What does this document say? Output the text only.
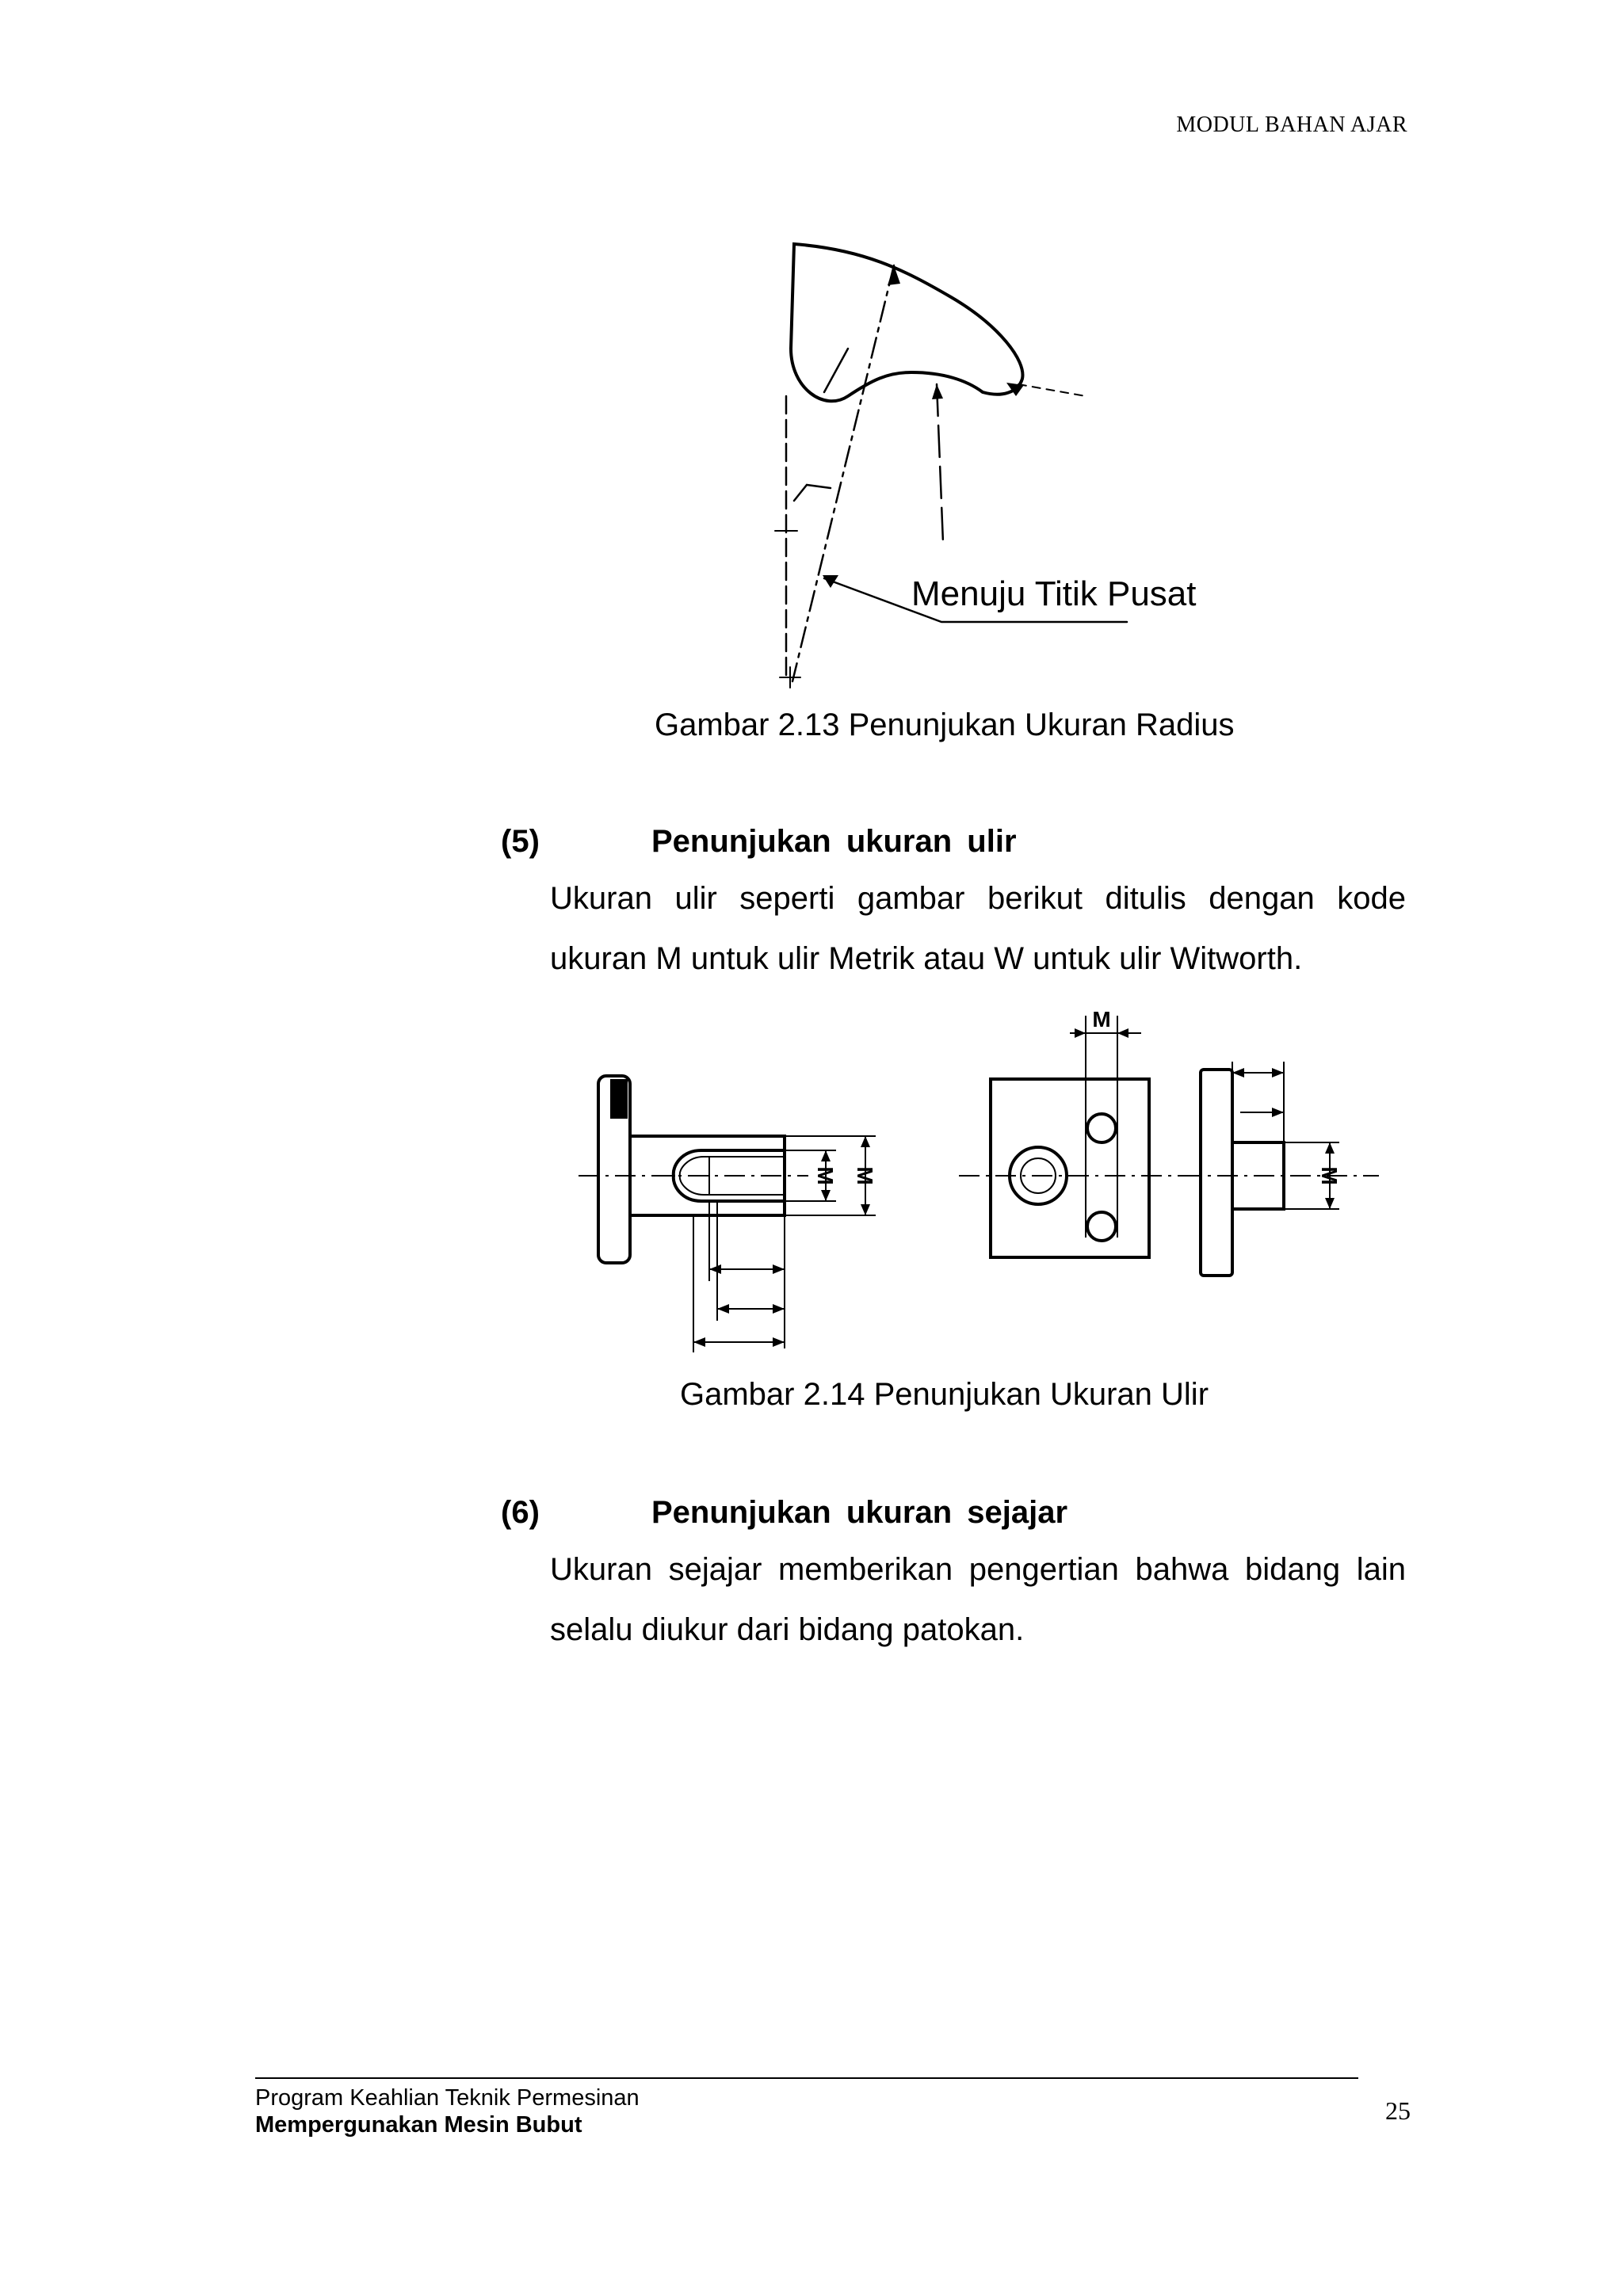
MODUL BAHAN AJAR
Menuju Titik Pusat
Gambar 2.13 Penunjukan Ukuran Radius
(5)	Penunjukan ukuran ulir
Ukuran ulir seperti gambar berikut ditulis dengan kode
ukuran M untuk ulir Metrik atau W untuk ulir Witworth.
M M
M
M
Gambar 2.14 Penunjukan Ukuran Ulir
(6)	Penunjukan ukuran sejajar
Ukuran sejajar memberikan pengertian bahwa bidang lain
selalu diukur dari bidang patokan.
Program Keahlian Teknik Permesinan
Mempergunakan Mesin Bubut	25
